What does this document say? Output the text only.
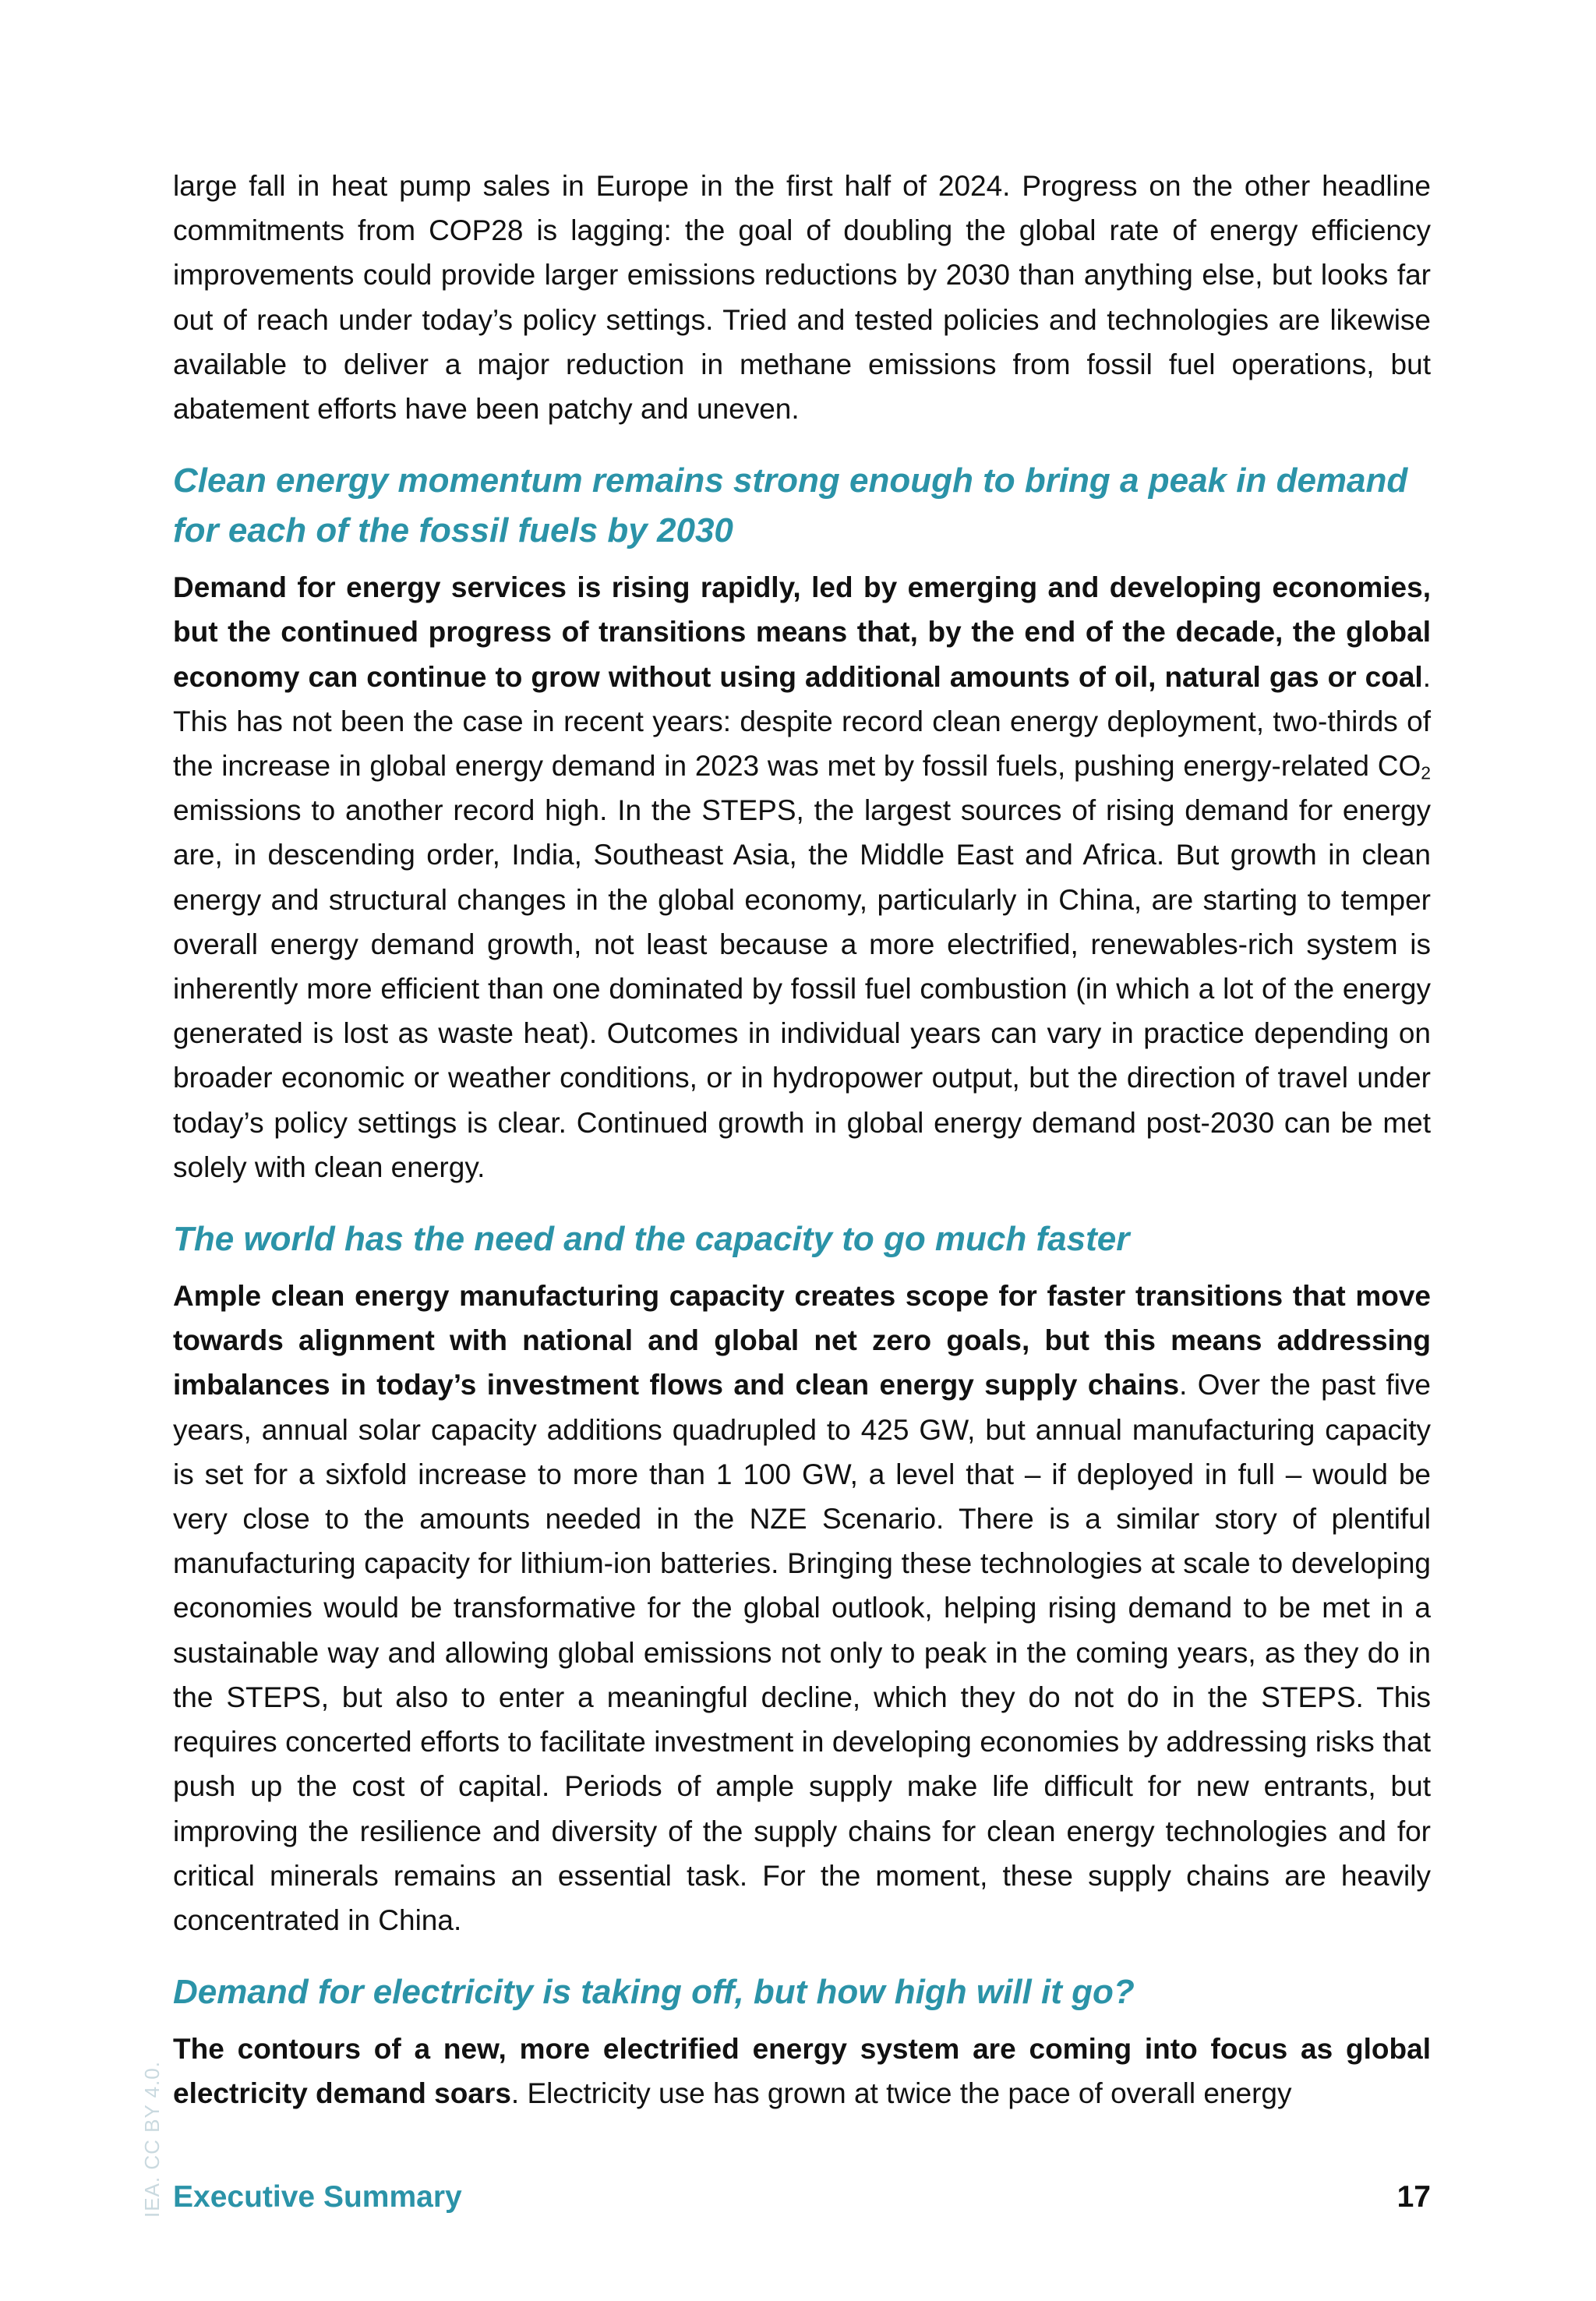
large fall in heat pump sales in Europe in the first half of 2024. Progress on the other headline commitments from COP28 is lagging: the goal of doubling the global rate of energy efficiency improvements could provide larger emissions reductions by 2030 than anything else, but looks far out of reach under today’s policy settings. Tried and tested policies and technologies are likewise available to deliver a major reduction in methane emissions from fossil fuel operations, but abatement efforts have been patchy and uneven.

Clean energy momentum remains strong enough to bring a peak in demand for each of the fossil fuels by 2030

Demand for energy services is rising rapidly, led by emerging and developing economies, but the continued progress of transitions means that, by the end of the decade, the global economy can continue to grow without using additional amounts of oil, natural gas or coal. This has not been the case in recent years: despite record clean energy deployment, two-thirds of the increase in global energy demand in 2023 was met by fossil fuels, pushing energy-related $CO_2$ emissions to another record high. In the STEPS, the largest sources of rising demand for energy are, in descending order, India, Southeast Asia, the Middle East and Africa. But growth in clean energy and structural changes in the global economy, particularly in China, are starting to temper overall energy demand growth, not least because a more electrified, renewables-rich system is inherently more efficient than one dominated by fossil fuel combustion (in which a lot of the energy generated is lost as waste heat). Outcomes in individual years can vary in practice depending on broader economic or weather conditions, or in hydropower output, but the direction of travel under today’s policy settings is clear. Continued growth in global energy demand post-2030 can be met solely with clean energy.

The world has the need and the capacity to go much faster

Ample clean energy manufacturing capacity creates scope for faster transitions that move towards alignment with national and global net zero goals, but this means addressing imbalances in today’s investment flows and clean energy supply chains. Over the past five years, annual solar capacity additions quadrupled to 425 GW, but annual manufacturing capacity is set for a sixfold increase to more than 1 100 GW, a level that – if deployed in full – would be very close to the amounts needed in the NZE Scenario. There is a similar story of plentiful manufacturing capacity for lithium-ion batteries. Bringing these technologies at scale to developing economies would be transformative for the global outlook, helping rising demand to be met in a sustainable way and allowing global emissions not only to peak in the coming years, as they do in the STEPS, but also to enter a meaningful decline, which they do not do in the STEPS. This requires concerted efforts to facilitate investment in developing economies by addressing risks that push up the cost of capital. Periods of ample supply make life difficult for new entrants, but improving the resilience and diversity of the supply chains for clean energy technologies and for critical minerals remains an essential task. For the moment, these supply chains are heavily concentrated in China.

Demand for electricity is taking off, but how high will it go?

The contours of a new, more electrified energy system are coming into focus as global electricity demand soars. Electricity use has grown at twice the pace of overall energy

IEA. CC BY 4.0. Executive Summary	17
